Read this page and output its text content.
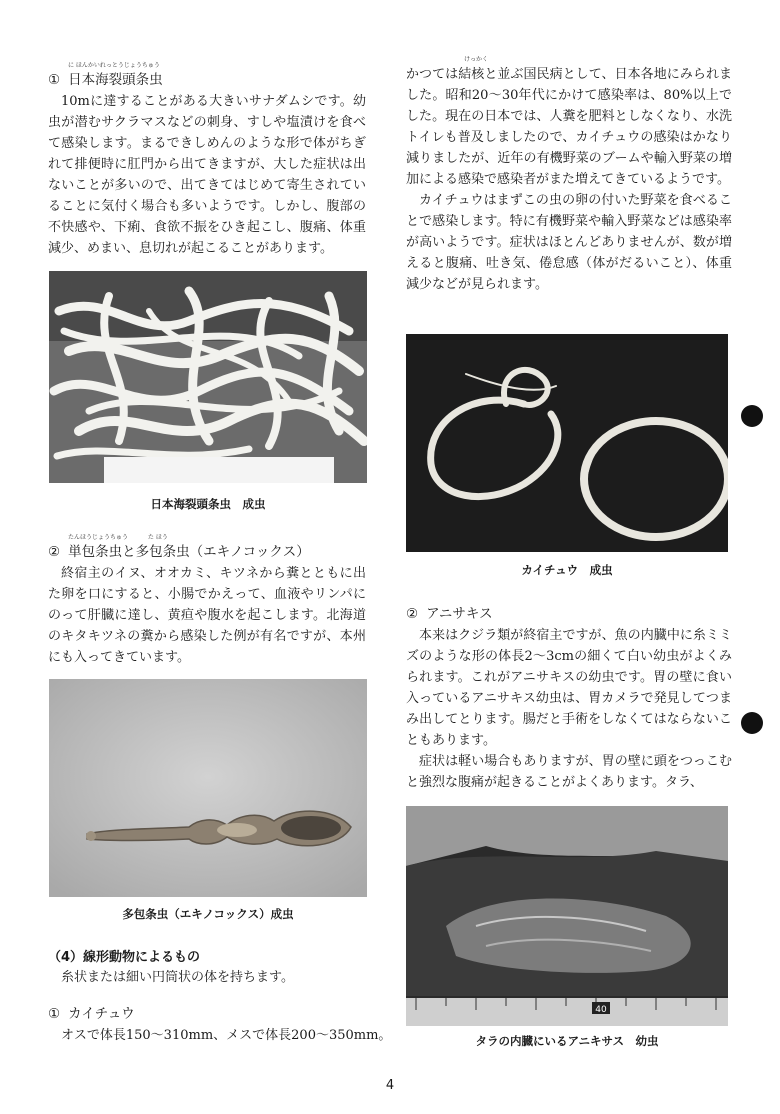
に ほんかいれっとうじょうちゅう

① 日本海裂頭条虫

10mに達することがある大きいサナダムシです。幼虫が潜むサクラマスなどの刺身、すしや塩漬けを食べて感染します。まるできしめんのような形で体がちぎれて排便時に肛門から出てきますが、大した症状は出ないことが多いので、出てきてはじめて寄生されていることに気付く場合も多いようです。しかし、腹部の不快感や、下痢、食欲不振をひき起こし、腹痛、体重減少、めまい、息切れが起こることがあります。

日本海裂頭条虫　成虫

たんほうじょうちゅう　　　 た ほう

② 単包条虫と多包条虫（エキノコックス）

終宿主のイヌ、オオカミ、キツネから糞とともに出た卵を口にすると、小腸でかえって、血液やリンパにのって肝臓に達し、黄疸や腹水を起こします。北海道のキタキツネの糞から感染した例が有名ですが、本州にも入ってきています。

多包条虫（エキノコックス）成虫

（4）線形動物によるもの

糸状または細い円筒状の体を持ちます。

① カイチュウ

オスで体長150〜310mm、メスで体長200〜350mm。

けっかく

かつては結核と並ぶ国民病として、日本各地にみられました。昭和20〜30年代にかけて感染率は、80%以上でした。現在の日本では、人糞を肥料としなくなり、水洗トイレも普及しましたので、カイチュウの感染はかなり減りましたが、近年の有機野菜のブームや輸入野菜の増加による感染で感染者がまた増えてきているようです。

カイチュウはまずこの虫の卵の付いた野菜を食べることで感染します。特に有機野菜や輸入野菜などは感染率が高いようです。症状はほとんどありませんが、数が増えると腹痛、吐き気、倦怠感（体がだるいこと）、体重減少などが見られます。

カイチュウ　成虫

② アニサキス

本来はクジラ類が終宿主ですが、魚の内臓中に糸ミミズのような形の体長2〜3cmの細くて白い幼虫がよくみられます。これがアニサキスの幼虫です。胃の壁に食い入っているアニサキス幼虫は、胃カメラで発見してつまみ出してとります。腸だと手術をしなくてはならないこともあります。

症状は軽い場合もありますが、胃の壁に頭をつっこむと強烈な腹痛が起きることがよくあります。タラ、

40

タラの内臓にいるアニキサス　幼虫

4
